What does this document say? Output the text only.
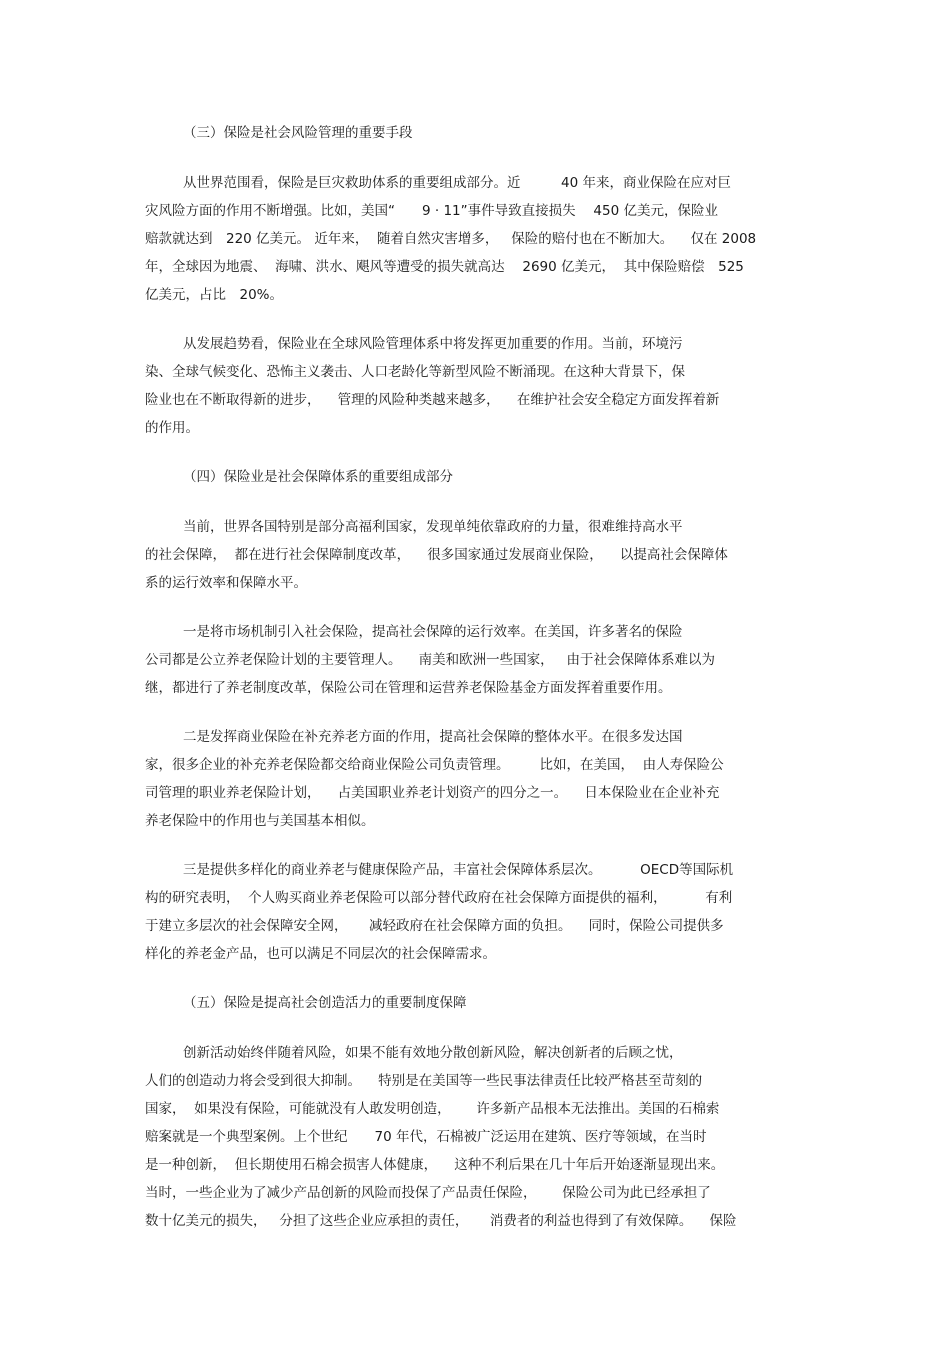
（三）保险是社会风险管理的重要手段
从世界范围看，保险是巨灾救助体系的重要组成部分。近　　　40 年来，商业保险在应对巨
灾风险方面的作用不断增强。比如，美国“　　9 · 11”事件导致直接损失　 450 亿美元，保险业
赔款就达到　220 亿美元。 近年来，  随着自然灾害增多，   保险的赔付也在不断加大。    仅在 2008
年，全球因为地震、  海啸、洪水、飓风等遭受的损失就高达　 2690 亿美元，  其中保险赔偿　525
亿美元，占比　20%。
从发展趋势看，保险业在全球风险管理体系中将发挥更加重要的作用。当前，环境污
染、全球气候变化、恐怖主义袭击、人口老龄化等新型风险不断涌现。在这种大背景下，保
险业也在不断取得新的进步，    管理的风险种类越来越多，    在维护社会安全稳定方面发挥着新
的作用。
（四）保险业是社会保障体系的重要组成部分
当前，世界各国特别是部分高福利国家，发现单纯依靠政府的力量，很难维持高水平
的社会保障，  都在进行社会保障制度改革，    很多国家通过发展商业保险，    以提高社会保障体
系的运行效率和保障水平。
一是将市场机制引入社会保险，提高社会保障的运行效率。在美国，许多著名的保险
公司都是公立养老保险计划的主要管理人。    南美和欧洲一些国家，   由于社会保障体系难以为
继，都进行了养老制度改革，保险公司在管理和运营养老保险基金方面发挥着重要作用。
二是发挥商业保险在补充养老方面的作用，提高社会保障的整体水平。在很多发达国
家，很多企业的补充养老保险都交给商业保险公司负责管理。       比如，在美国，  由人寿保险公
司管理的职业养老保险计划，    占美国职业养老计划资产的四分之一。    日本保险业在企业补充
养老保险中的作用也与美国基本相似。
三是提供多样化的商业养老与健康保险产品，丰富社会保障体系层次。         OECD等国际机
构的研究表明，  个人购买商业养老保险可以部分替代政府在社会保障方面提供的福利，         有利
于建立多层次的社会保障安全网，     减轻政府在社会保障方面的负担。    同时，保险公司提供多
样化的养老金产品，也可以满足不同层次的社会保障需求。
（五）保险是提高社会创造活力的重要制度保障
创新活动始终伴随着风险，如果不能有效地分散创新风险，解决创新者的后顾之忧，
人们的创造动力将会受到很大抑制。    特别是在美国等一些民事法律责任比较严格甚至苛刻的
国家，  如果没有保险，可能就没有人敢发明创造，      许多新产品根本无法推出。美国的石棉索
赔案就是一个典型案例。上个世纪　　70 年代，石棉被广泛运用在建筑、医疗等领域，在当时
是一种创新，  但长期使用石棉会损害人体健康，    这种不利后果在几十年后开始逐渐显现出来。
当时，一些企业为了减少产品创新的风险而投保了产品责任保险，      保险公司为此已经承担了
数十亿美元的损失，   分担了这些企业应承担的责任，     消费者的利益也得到了有效保障。    保险
